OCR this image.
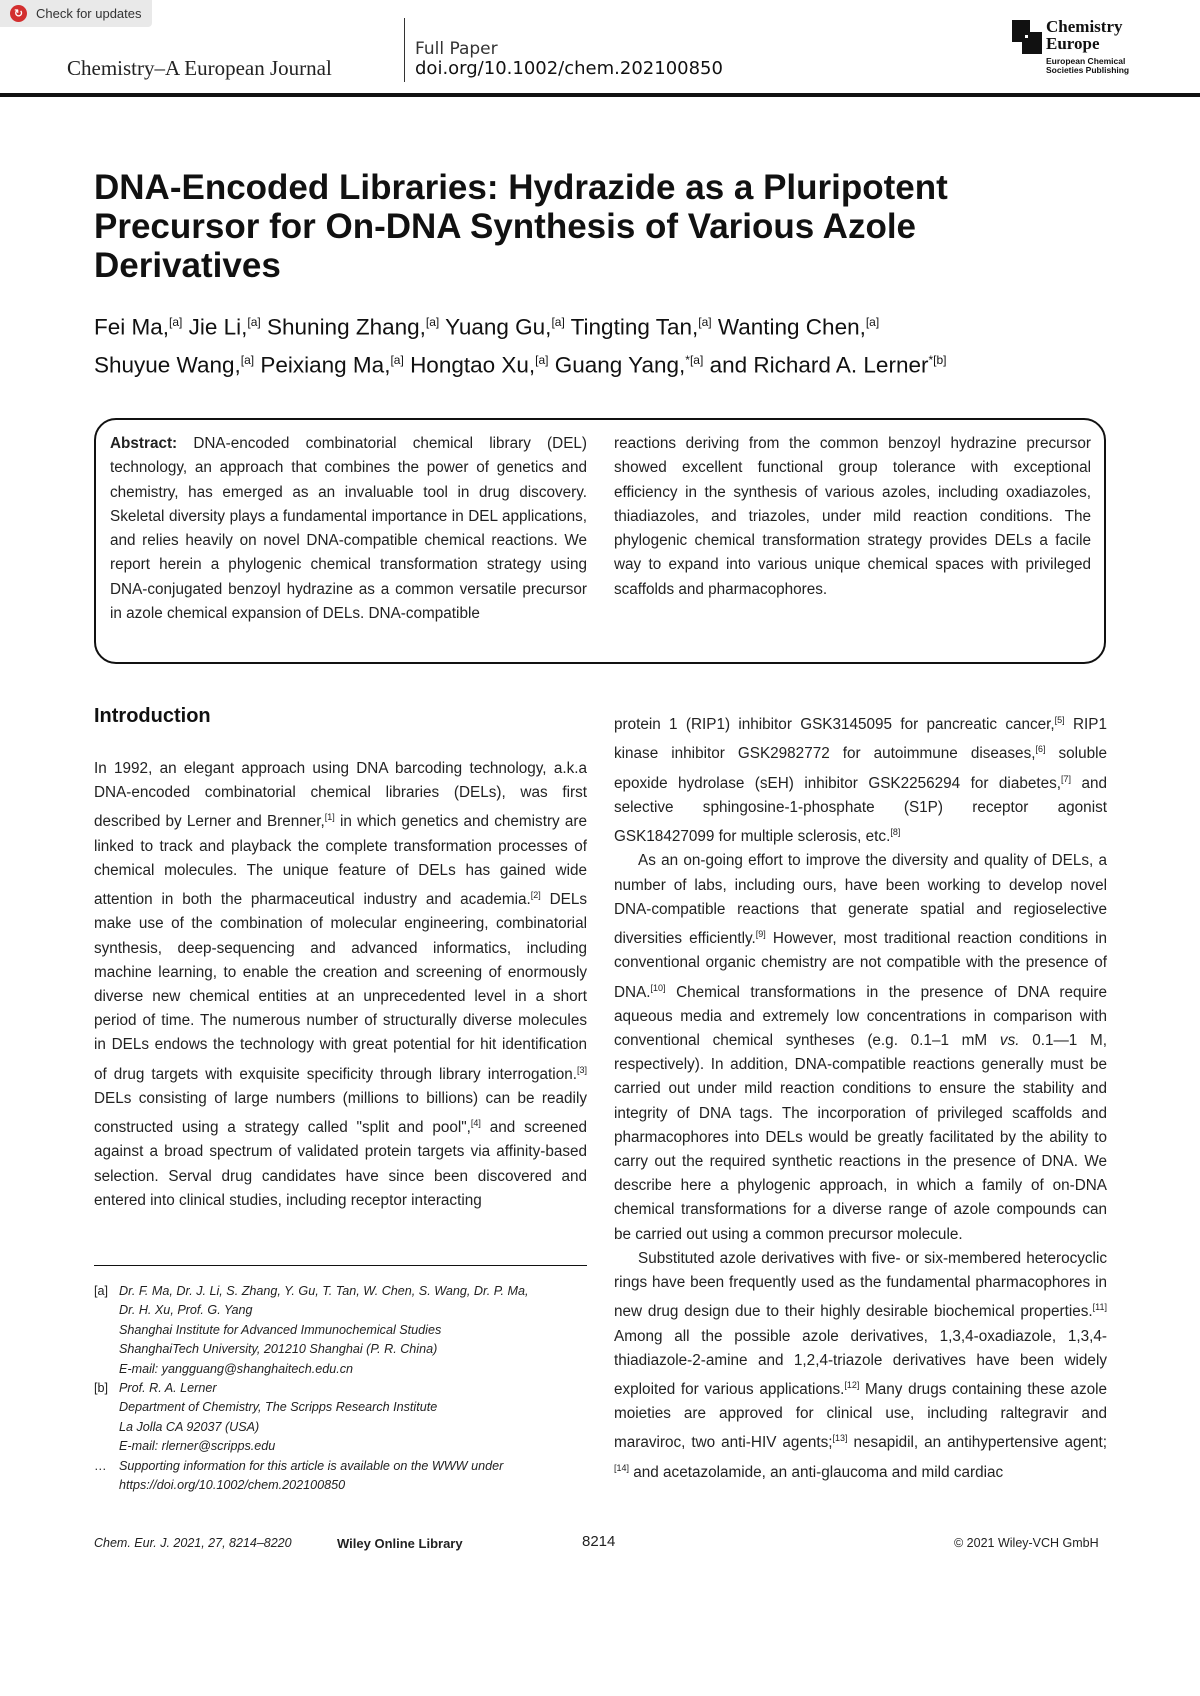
↻ Check for updates
Chemistry–A European Journal
Full Paper
doi.org/10.1002/chem.202100850
Chemistry
Europe
European Chemical
Societies Publishing
DNA-Encoded Libraries: Hydrazide as a Pluripotent Precursor for On-DNA Synthesis of Various Azole Derivatives
Fei Ma,[a] Jie Li,[a] Shuning Zhang,[a] Yuang Gu,[a] Tingting Tan,[a] Wanting Chen,[a]
Shuyue Wang,[a] Peixiang Ma,[a] Hongtao Xu,[a] Guang Yang,$^{*[a]}$ and Richard A. Lerner$^{*[b]}$
Abstract: DNA-encoded combinatorial chemical library (DEL) technology, an approach that combines the power of genetics and chemistry, has emerged as an invaluable tool in drug discovery. Skeletal diversity plays a fundamental importance in DEL applications, and relies heavily on novel DNA-compatible chemical reactions. We report herein a phylogenic chemical transformation strategy using DNA-conjugated benzoyl hydrazine as a common versatile precursor in azole chemical expansion of DELs. DNA-compatible
reactions deriving from the common benzoyl hydrazine precursor showed excellent functional group tolerance with exceptional efficiency in the synthesis of various azoles, including oxadiazoles, thiadiazoles, and triazoles, under mild reaction conditions. The phylogenic chemical transformation strategy provides DELs a facile way to expand into various unique chemical spaces with privileged scaffolds and pharmacophores.
Introduction

In 1992, an elegant approach using DNA barcoding technology, a.k.a DNA-encoded combinatorial chemical libraries (DELs), was first described by Lerner and Brenner,[1] in which genetics and chemistry are linked to track and playback the complete transformation processes of chemical molecules. The unique feature of DELs has gained wide attention in both the pharmaceutical industry and academia.[2] DELs make use of the combination of molecular engineering, combinatorial synthesis, deep-sequencing and advanced informatics, including machine learning, to enable the creation and screening of enormously diverse new chemical entities at an unprecedented level in a short period of time. The numerous number of structurally diverse molecules in DELs endows the technology with great potential for hit identification of drug targets with exquisite specificity through library interrogation.[3] DELs consisting of large numbers (millions to billions) can be readily constructed using a strategy called "split and pool",[4] and screened against a broad spectrum of validated protein targets via affinity-based selection. Serval drug candidates have since been discovered and entered into clinical studies, including receptor interacting

protein 1 (RIP1) inhibitor GSK3145095 for pancreatic cancer,[5] RIP1 kinase inhibitor GSK2982772 for autoimmune diseases,[6] soluble epoxide hydrolase (sEH) inhibitor GSK2256294 for diabetes,[7] and selective sphingosine-1-phosphate (S1P) receptor agonist GSK18427099 for multiple sclerosis, etc.[8]

As an on-going effort to improve the diversity and quality of DELs, a number of labs, including ours, have been working to develop novel DNA-compatible reactions that generate spatial and regioselective diversities efficiently.[9] However, most traditional reaction conditions in conventional organic chemistry are not compatible with the presence of DNA.[10] Chemical transformations in the presence of DNA require aqueous media and extremely low concentrations in comparison with conventional chemical syntheses (e.g. 0.1–1 mM vs. 0.1—1 M, respectively). In addition, DNA-compatible reactions generally must be carried out under mild reaction conditions to ensure the stability and integrity of DNA tags. The incorporation of privileged scaffolds and pharmacophores into DELs would be greatly facilitated by the ability to carry out the required synthetic reactions in the presence of DNA. We describe here a phylogenic approach, in which a family of on-DNA chemical transformations for a diverse range of azole compounds can be carried out using a common precursor molecule.

Substituted azole derivatives with five- or six-membered heterocyclic rings have been frequently used as the fundamental pharmacophores in new drug design due to their highly desirable biochemical properties.[11] Among all the possible azole derivatives, 1,3,4-oxadiazole, 1,3,4-thiadiazole-2-amine and 1,2,4-triazole derivatives have been widely exploited for various applications.[12] Many drugs containing these azole moieties are approved for clinical use, including raltegravir and maraviroc, two anti-HIV agents;[13] nesapidil, an antihypertensive agent;[14] and acetazolamide, an anti-glaucoma and mild cardiac

[a] Dr. F. Ma, Dr. J. Li, S. Zhang, Y. Gu, T. Tan, W. Chen, S. Wang, Dr. P. Ma,
Dr. H. Xu, Prof. G. Yang
Shanghai Institute for Advanced Immunochemical Studies
ShanghaiTech University, 201210 Shanghai (P. R. China)
E-mail: yangguang@shanghaitech.edu.cn
[b] Prof. R. A. Lerner
Department of Chemistry, The Scripps Research Institute
La Jolla CA 92037 (USA)
E-mail: rlerner@scripps.edu
… Supporting information for this article is available on the WWW under
https://doi.org/10.1002/chem.202100850
Chem. Eur. J. 2021, 27, 8214–8220	Wiley Online Library	8214	© 2021 Wiley-VCH GmbH
